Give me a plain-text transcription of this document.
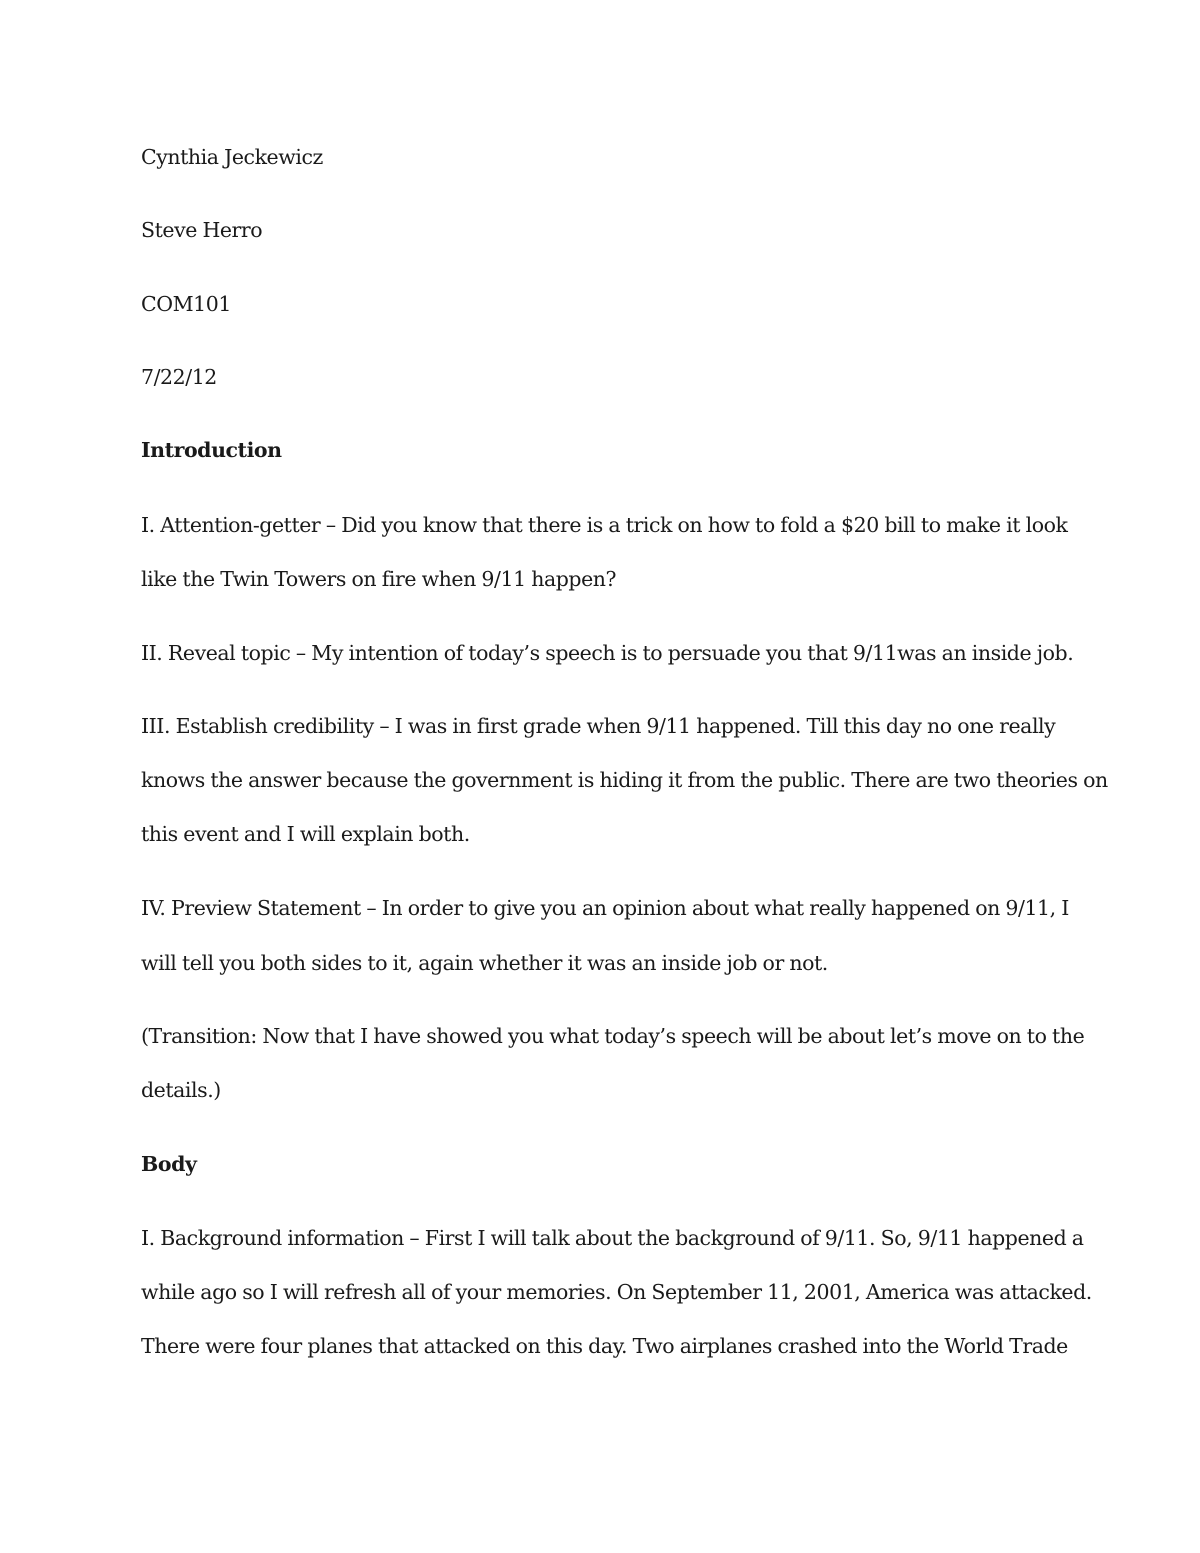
Cynthia Jeckewicz
Steve Herro
COM101
7/22/12
Introduction
I. Attention-getter – Did you know that there is a trick on how to fold a $20 bill to make it look
like the Twin Towers on fire when 9/11 happen?
II. Reveal topic – My intention of today’s speech is to persuade you that 9/11was an inside job.
III. Establish credibility – I was in first grade when 9/11 happened. Till this day no one really
knows the answer because the government is hiding it from the public. There are two theories on
this event and I will explain both.
IV. Preview Statement – In order to give you an opinion about what really happened on 9/11, I
will tell you both sides to it, again whether it was an inside job or not.
(Transition: Now that I have showed you what today’s speech will be about let’s move on to the
details.)
Body
I. Background information – First I will talk about the background of 9/11. So, 9/11 happened a
while ago so I will refresh all of your memories. On September 11, 2001, America was attacked.
There were four planes that attacked on this day. Two airplanes crashed into the World Trade
